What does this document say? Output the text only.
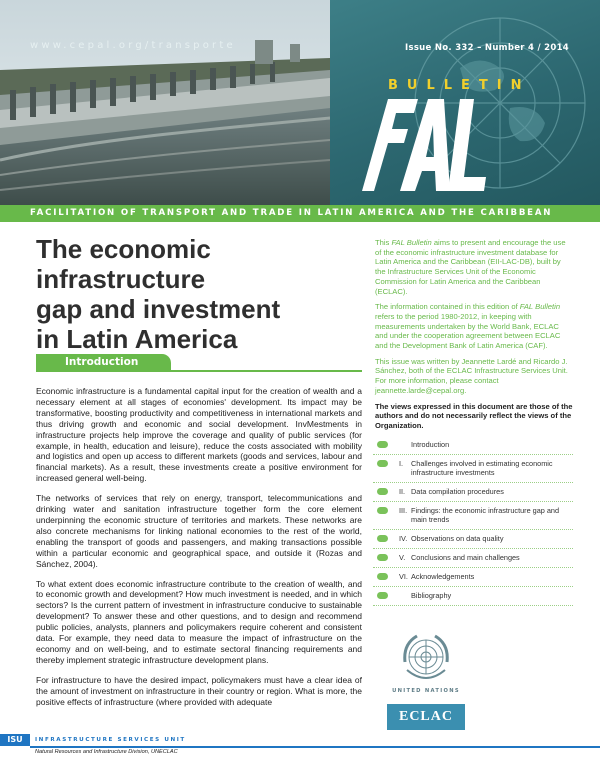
www.cepal.org/transporte	Issue No. 332 – Number 4 / 2014
BULLETIN
FACILITATION OF TRANSPORT AND TRADE IN LATIN AMERICA AND THE CARIBBEAN
The economic infrastructure
gap and investment
in Latin America
Introduction

Economic infrastructure is a fundamental capital input for the creation of wealth and a necessary element at all stages of economies' development. Its impact may be transformative, boosting productivity and competitiveness in international markets and thus driving growth and economic and social development. InvMestments in infrastructure projects help improve the coverage and quality of public services (for example, in health, education and leisure), reduce the costs associated with mobility and logistics and open up access to different markets (goods and services, labour and financial markets). As a result, these investments create a positive environment for increased general well-being.

The networks of services that rely on energy, transport, telecommunications and drinking water and sanitation infrastructure together form the core element underpinning the economic structure of territories and markets. These networks are also concrete mechanisms for linking national economies to the rest of the world, enabling the transport of goods and passengers, and making transactions possible within a particular economic and geographical space, and outside it (Rozas and Sánchez, 2004).

To what extent does economic infrastructure contribute to the creation of wealth, and to economic growth and development? How much investment is needed, and in which sectors? Is the current pattern of investment in infrastructure conducive to sustainable development? To answer these and other questions, and to design and recommend public policies, analysts, planners and policymakers require coherent and consistent data. For example, they need data to measure the impact of infrastructure on the economy and on well-being, and to estimate sectoral financing requirements and thereby implement strategic infrastructure development plans.

For infrastructure to have the desired impact, policymakers must have a clear idea of the amount of investment on infrastructure in their country or region. What is more, the positive effects of infrastructure (where provided with adequate

This FAL Bulletin aims to present and encourage the use of the economic infrastructure investment database for Latin America and the Caribbean (EII-LAC-DB), built by the Infrastructure Services Unit of the Economic Commission for Latin America and the Caribbean (ECLAC).

The information contained in this edition of FAL Bulletin refers to the period 1980-2012, in keeping with measurements undertaken by the World Bank, ECLAC and under the cooperation agreement between ECLAC and the Development Bank of Latin America (CAF).

This issue was written by Jeannette Lardé and Ricardo J. Sánchez, both of the ECLAC Infrastructure Services Unit. For more information, please contact jeannette.larde@cepal.org.

The views expressed in this document are those of the authors and do not necessarily reflect the views of the Organization.

Introduction
I. Challenges involved in estimating economic infrastructure investments
II. Data compilation procedures
III. Findings: the economic infrastructure gap and main trends
IV. Observations on data quality
V. Conclusions and main challenges
VI. Acknowledgements
Bibliography
UNITED NATIONS
ECLAC
ISU	INFRASTRUCTURE SERVICES UNIT
Natural Resources and Infrastructure Division, UNECLAC
